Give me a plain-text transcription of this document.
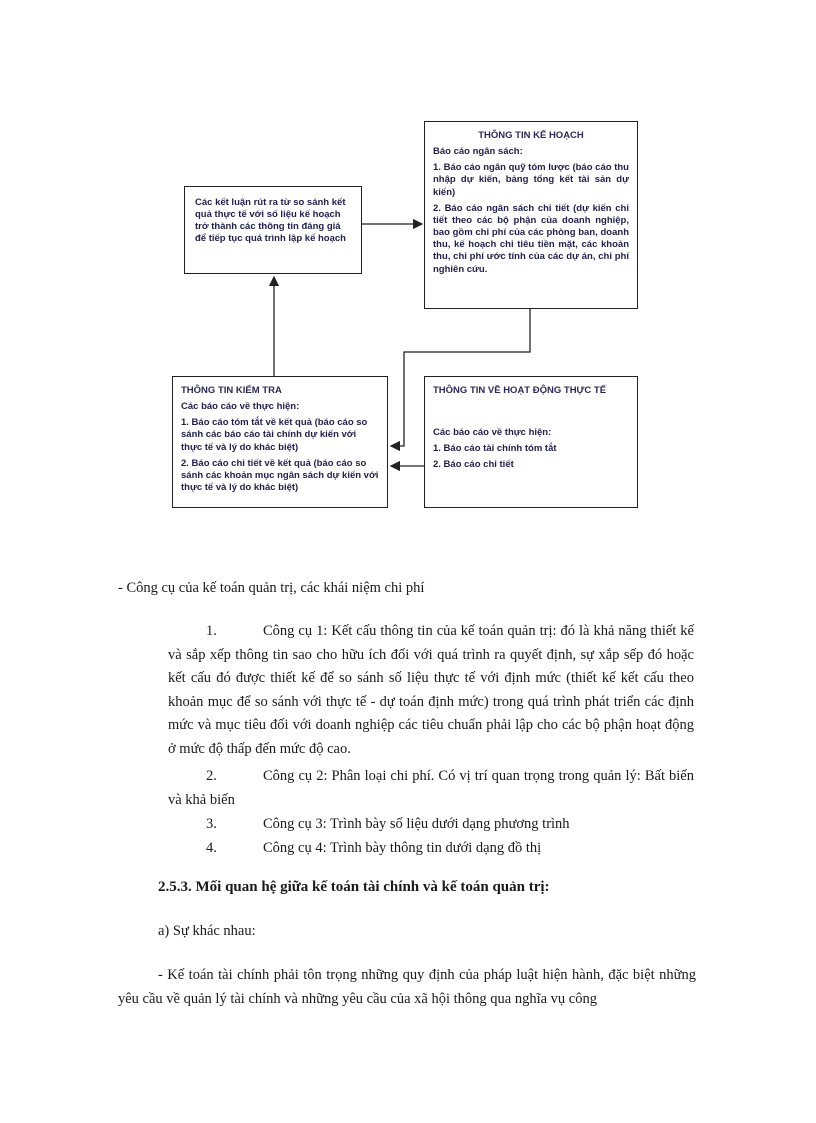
Các kết luận rút ra từ so sánh kết quả thực tế với số liệu kế hoạch trở thành các thông tin đáng giá để tiếp tục quá trình lập kế hoạch

THÔNG TIN KẾ HOẠCH

Báo cáo ngân sách:

1. Báo cáo ngân quỹ tóm lược (báo cáo thu nhập dự kiến, bảng tổng kết tài sản dự kiến)

2. Báo cáo ngân sách chi tiết (dự kiến chi tiết theo các bộ phận của doanh nghiệp, bao gồm chi phí của các phòng ban, doanh thu, kế hoạch chi tiêu tiền mặt, các khoản thu, chi phí ước tính của các dự án, chi phí nghiên cứu.

THÔNG TIN KIỂM TRA

Các báo cáo về thực hiện:

1. Báo cáo tóm tắt về kết quả (báo cáo so sánh các báo cáo tài chính dự kiến với thực tế và lý do khác biệt)

2. Báo cáo chi tiết về kết quả (báo cáo so sánh các khoản mục ngân sách dự kiến với thực tế và lý do khác biệt)

THÔNG TIN VỀ HOẠT ĐỘNG THỰC TẾ

Các báo cáo về thực hiện:

1. Báo cáo tài chính tóm tắt

2. Báo cáo chi tiết

- Công cụ của kế toán quản trị, các khái niệm chi phí
1.	Công cụ 1: Kết cấu thông tin của kế toán quản trị: đó là khả năng thiết kế và sắp xếp thông tin sao cho hữu ích đối với quá trình ra quyết định, sự xắp sếp đó hoặc kết cấu đó được thiết kế để so sánh số liệu thực tế với định mức (thiết kế kết cấu theo khoản mục để so sánh với thực tế - dự toán định mức) trong quá trình phát triển các định mức và mục tiêu đối với doanh nghiệp các tiêu chuẩn phải lập cho các bộ phận hoạt động ở mức độ thấp đến mức độ cao.
2.	Công cụ 2: Phân loại chi phí. Có vị trí quan trọng trong quản lý: Bất biến và khả biến
3.	Công cụ 3: Trình bày số liệu dưới dạng phương trình
4.	Công cụ 4: Trình bày thông tin dưới dạng đồ thị
2.5.3. Mối quan hệ giữa kế toán tài chính và kế toán quản trị:
a) Sự khác nhau:
- Kế toán tài chính phải tôn trọng những quy định của pháp luật hiện hành, đặc biệt những yêu cầu về quản lý tài chính và những yêu cầu của xã hội thông qua nghĩa vụ công
